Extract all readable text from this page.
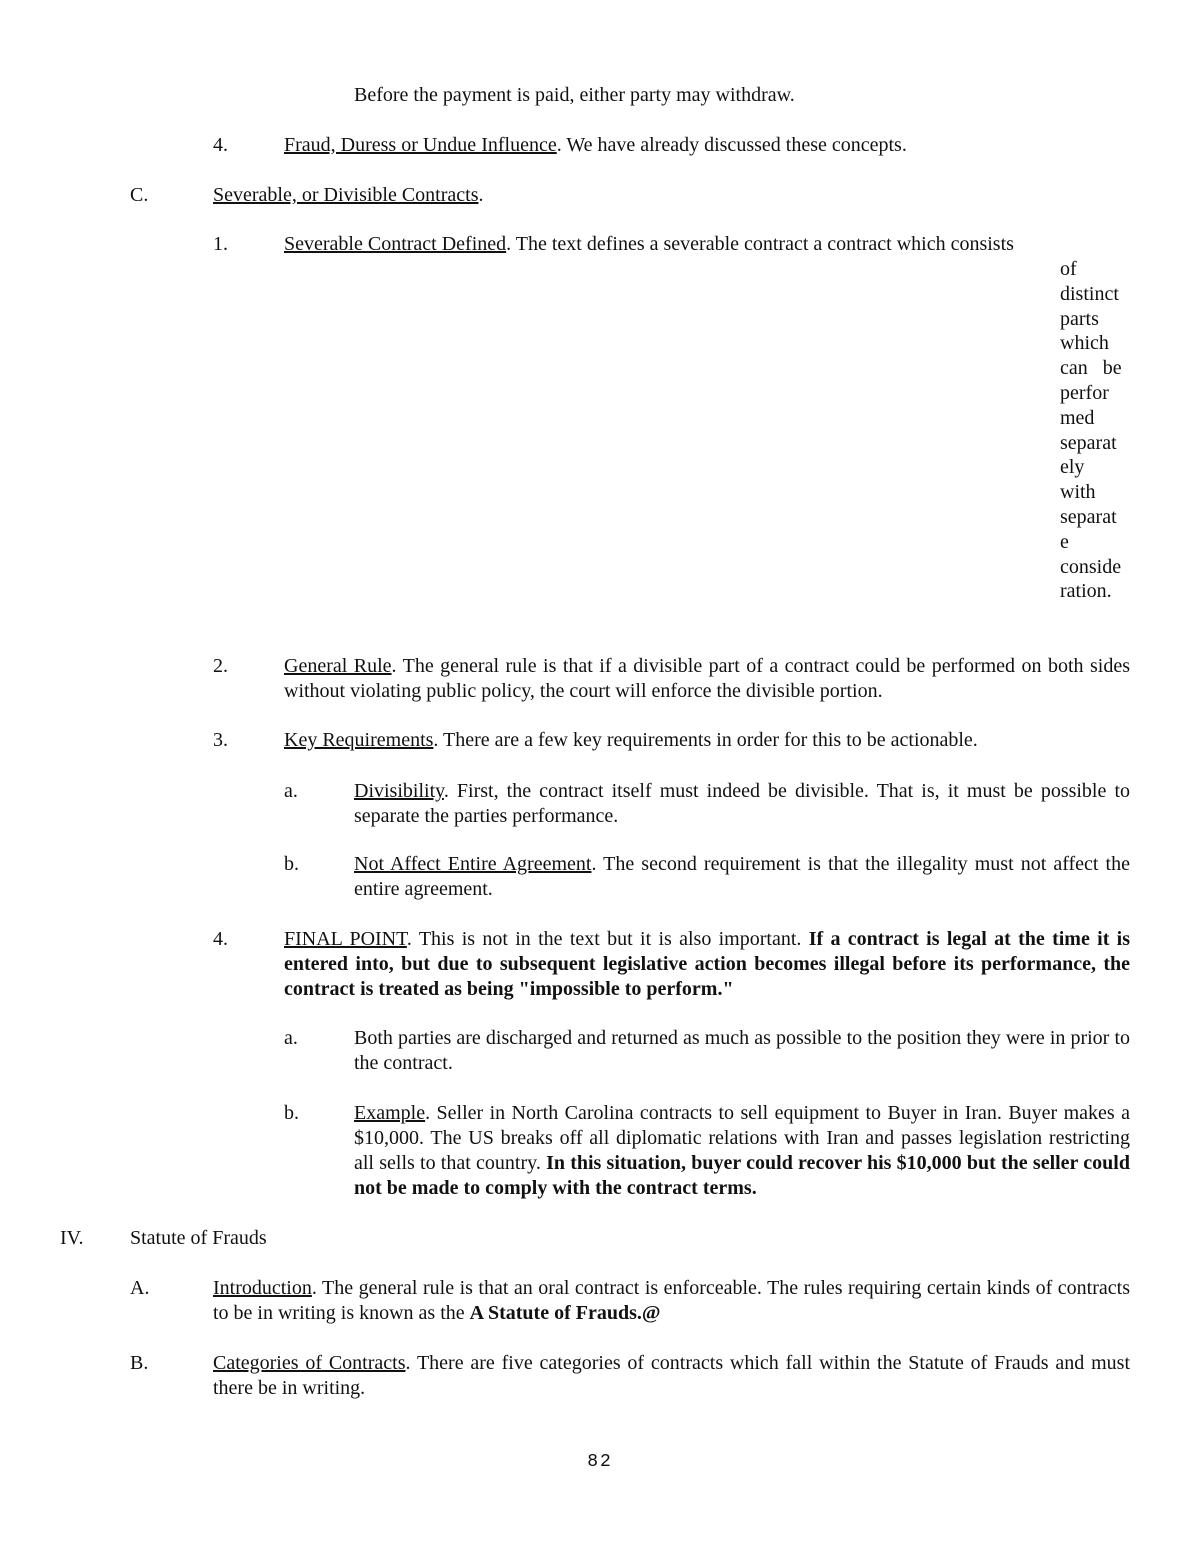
Before the payment is paid, either party may withdraw.
4.	Fraud, Duress or Undue Influence. We have already discussed these concepts.
C.	Severable, or Divisible Contracts.
1.	Severable Contract Defined. The text defines a severable contract a contract which consists
of
distinct
parts
which
can   be
perfor
med
separat
ely
with
separat
e
conside
ration.
2.	General Rule. The general rule is that if a divisible part of a contract could be performed on both sides without violating public policy, the court will enforce the divisible portion.
3.	Key Requirements. There are a few key requirements in order for this to be actionable.
a.	Divisibility. First, the contract itself must indeed be divisible. That is, it must be possible to separate the parties performance.
b.	Not Affect Entire Agreement. The second requirement is that the illegality must not affect the entire agreement.
4.	FINAL POINT. This is not in the text but it is also important. If a contract is legal at the time it is entered into, but due to subsequent legislative action becomes illegal before its performance, the contract is treated as being "impossible to perform."
a.	Both parties are discharged and returned as much as possible to the position they were in prior to the contract.
b.	Example. Seller in North Carolina contracts to sell equipment to Buyer in Iran. Buyer makes a $10,000. The US breaks off all diplomatic relations with Iran and passes legislation restricting all sells to that country. In this situation, buyer could recover his $10,000 but the seller could not be made to comply with the contract terms.
IV. Statute of Frauds
A.	Introduction. The general rule is that an oral contract is enforceable. The rules requiring certain kinds of contracts to be in writing is known as the A Statute of Frauds.@
B.	Categories of Contracts. There are five categories of contracts which fall within the Statute of Frauds and must there be in writing.
82
